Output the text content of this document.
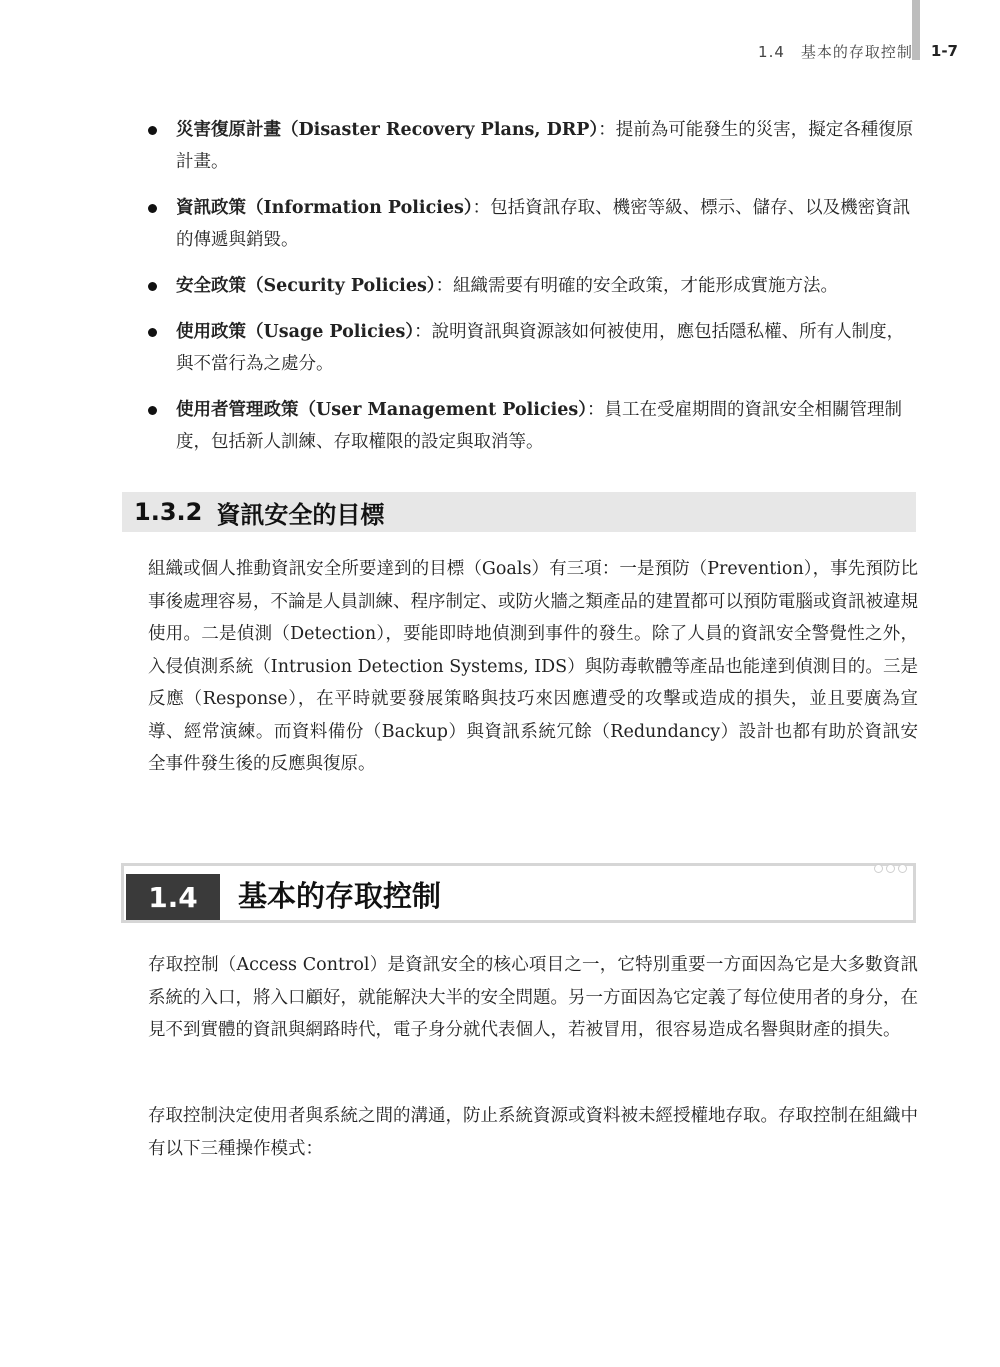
1.4　基本的存取控制 1-7
災害復原計畫（Disaster Recovery Plans, DRP）：提前為可能發生的災害，擬定各種復原計畫。
資訊政策（Information Policies）：包括資訊存取、機密等級、標示、儲存、以及機密資訊的傳遞與銷毀。
安全政策（Security Policies）：組織需要有明確的安全政策，才能形成實施方法。
使用政策（Usage Policies）：說明資訊與資源該如何被使用，應包括隱私權、所有人制度，與不當行為之處分。
使用者管理政策（User Management Policies）：員工在受雇期間的資訊安全相關管理制度，包括新人訓練、存取權限的設定與取消等。
1.3.2 資訊安全的目標

組織或個人推動資訊安全所要達到的目標（Goals）有三項：一是預防（Prevention），事先預防比事後處理容易，不論是人員訓練、程序制定、或防火牆之類產品的建置都可以預防電腦或資訊被違規使用。二是偵測（Detection），要能即時地偵測到事件的發生。除了人員的資訊安全警覺性之外，入侵偵測系統（Intrusion Detection Systems, IDS）與防毒軟體等產品也能達到偵測目的。三是反應（Response），在平時就要發展策略與技巧來因應遭受的攻擊或造成的損失，並且要廣為宣導、經常演練。而資料備份（Backup）與資訊系統冗餘（Redundancy）設計也都有助於資訊安全事件發生後的反應與復原。

1.4	基本的存取控制

存取控制（Access Control）是資訊安全的核心項目之一，它特別重要一方面因為它是大多數資訊系統的入口，將入口顧好，就能解決大半的安全問題。另一方面因為它定義了每位使用者的身分，在見不到實體的資訊與網路時代，電子身分就代表個人，若被冒用，很容易造成名譽與財產的損失。

存取控制決定使用者與系統之間的溝通，防止系統資源或資料被未經授權地存取。存取控制在組織中有以下三種操作模式：
